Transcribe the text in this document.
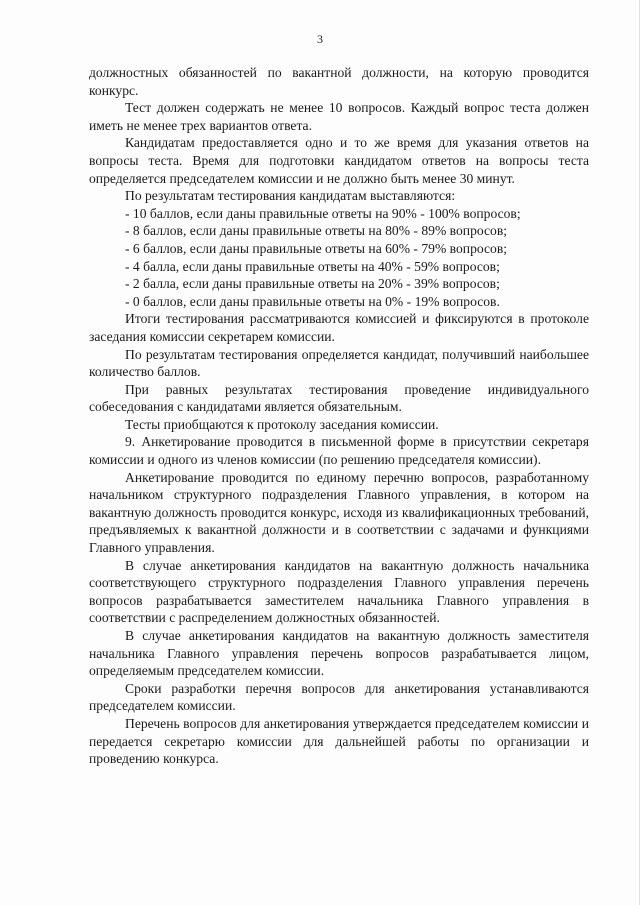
3

должностных обязанностей по вакантной должности, на которую проводится конкурс.

Тест должен содержать не менее 10 вопросов. Каждый вопрос теста должен иметь не менее трех вариантов ответа.

Кандидатам предоставляется одно и то же время для указания ответов на вопросы теста. Время для подготовки кандидатом ответов на вопросы теста определяется председателем комиссии и не должно быть менее 30 минут.

По результатам тестирования кандидатам выставляются:

- 10 баллов, если даны правильные ответы на 90% - 100% вопросов;
- 8 баллов, если даны правильные ответы на 80% - 89% вопросов;
- 6 баллов, если даны правильные ответы на 60% - 79% вопросов;
- 4 балла, если даны правильные ответы на 40% - 59% вопросов;
- 2 балла, если даны правильные ответы на 20% - 39% вопросов;
- 0 баллов, если даны правильные ответы на 0% - 19% вопросов.

Итоги тестирования рассматриваются комиссией и фиксируются в протоколе заседания комиссии секретарем комиссии.

По результатам тестирования определяется кандидат, получивший наибольшее количество баллов.

При равных результатах тестирования проведение индивидуального собеседования с кандидатами является обязательным.

Тесты приобщаются к протоколу заседания комиссии.

9. Анкетирование проводится в письменной форме в присутствии секретаря комиссии и одного из членов комиссии (по решению председателя комиссии).

Анкетирование проводится по единому перечню вопросов, разработанному начальником структурного подразделения Главного управления, в котором на вакантную должность проводится конкурс, исходя из квалификационных требований, предъявляемых к вакантной должности и в соответствии с задачами и функциями Главного управления.

В случае анкетирования кандидатов на вакантную должность начальника соответствующего структурного подразделения Главного управления перечень вопросов разрабатывается заместителем начальника Главного управления в соответствии с распределением должностных обязанностей.

В случае анкетирования кандидатов на вакантную должность заместителя начальника Главного управления перечень вопросов разрабатывается лицом, определяемым председателем комиссии.

Сроки разработки перечня вопросов для анкетирования устанавливаются председателем комиссии.

Перечень вопросов для анкетирования утверждается председателем комиссии и передается секретарю комиссии для дальнейшей работы по организации и проведению конкурса.
